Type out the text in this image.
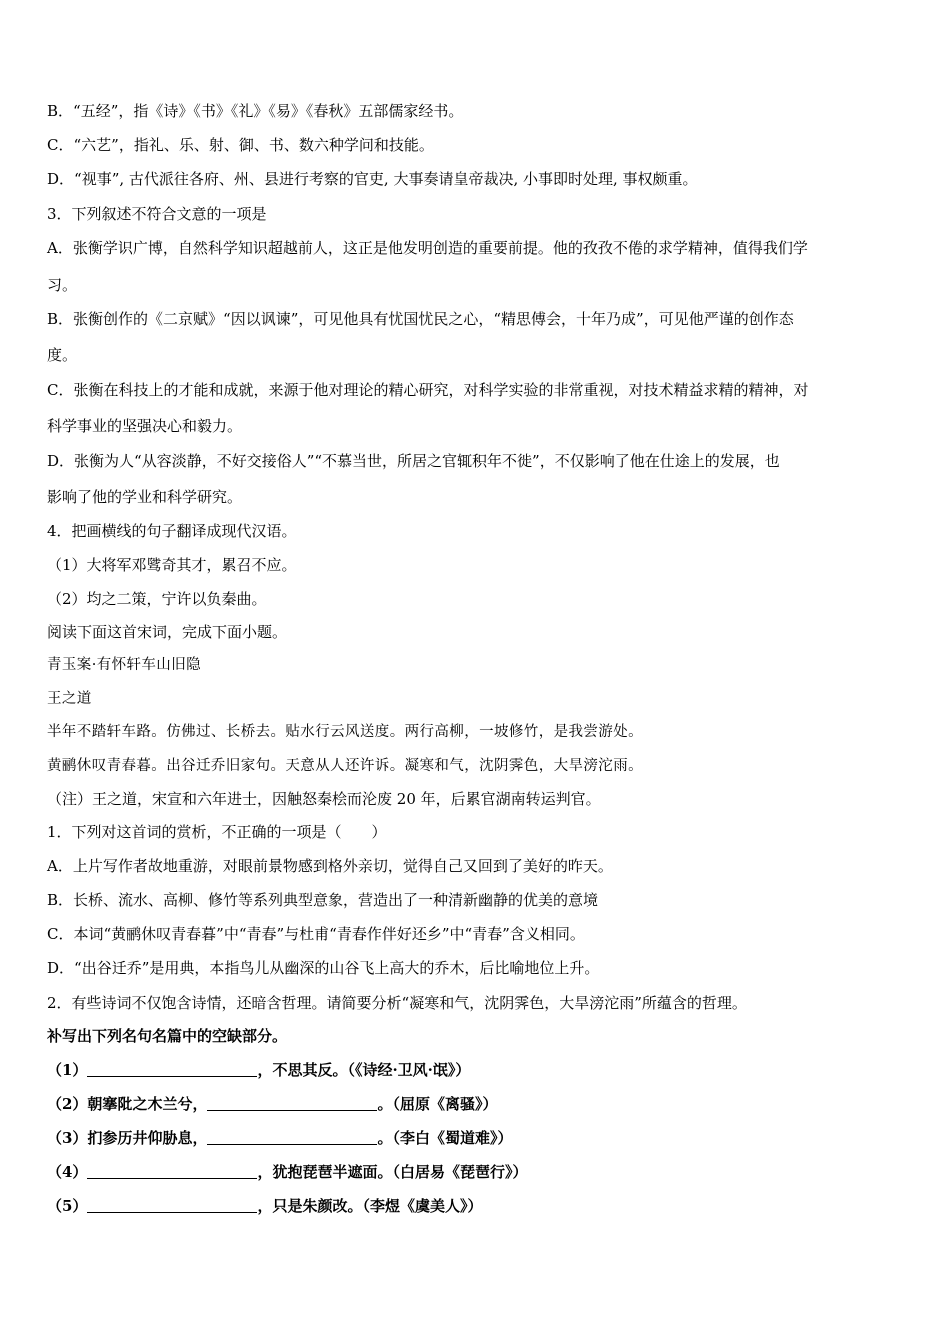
B．“五经”，指《诗》《书》《礼》《易》《春秋》五部儒家经书。
C．“六艺”，指礼、乐、射、御、书、数六种学问和技能。
D．“视事”, 古代派往各府、州、县进行考察的官吏, 大事奏请皇帝裁决, 小事即时处理, 事权颇重。
3．下列叙述不符合文意的一项是
A．张衡学识广博，自然科学知识超越前人，这正是他发明创造的重要前提。他的孜孜不倦的求学精神，值得我们学
习。
B．张衡创作的《二京赋》“因以讽谏”，可见他具有忧国忧民之心，“精思傅会，十年乃成”，可见他严谨的创作态
度。
C．张衡在科技上的才能和成就，来源于他对理论的精心研究，对科学实验的非常重视，对技术精益求精的精神，对
科学事业的坚强决心和毅力。
D．张衡为人“从容淡静，不好交接俗人”“不慕当世，所居之官辄积年不徙”，不仅影响了他在仕途上的发展，也
影响了他的学业和科学研究。
4．把画横线的句子翻译成现代汉语。
（1）大将军邓骘奇其才，累召不应。
（2）均之二策，宁许以负秦曲。
阅读下面这首宋词，完成下面小题。
青玉案·有怀轩车山旧隐
王之道
半年不踏轩车路。仿佛过、长桥去。贴水行云风送度。两行高柳，一坡修竹，是我尝游处。
黄鹂休叹青春暮。出谷迁乔旧家句。天意从人还许诉。凝寒和气，沈阴霁色，大旱滂沱雨。
（注）王之道，宋宣和六年进士，因触怒秦桧而沦废 20 年，后累官湖南转运判官。
1．下列对这首词的赏析，不正确的一项是（ ）
A．上片写作者故地重游，对眼前景物感到格外亲切，觉得自己又回到了美好的昨天。
B．长桥、流水、高柳、修竹等系列典型意象，营造出了一种清新幽静的优美的意境
C．本词“黄鹂休叹青春暮”中“青春”与杜甫“青春作伴好还乡”中“青春”含义相同。
D．“出谷迁乔”是用典，本指鸟儿从幽深的山谷飞上高大的乔木，后比喻地位上升。
2．有些诗词不仅饱含诗情，还暗含哲理。请简要分析“凝寒和气，沈阴霁色，大旱滂沱雨”所蕴含的哲理。
补写出下列名句名篇中的空缺部分。
（1）	，不思其反。（《诗经·卫风·氓》）
（2）朝搴阰之木兰兮，	。（屈原《离骚》）
（3）扪参历井仰胁息，	。（李白《蜀道难》）
（4）	，犹抱琵琶半遮面。（白居易《琵琶行》）
（5）	，只是朱颜改。（李煜《虞美人》）
